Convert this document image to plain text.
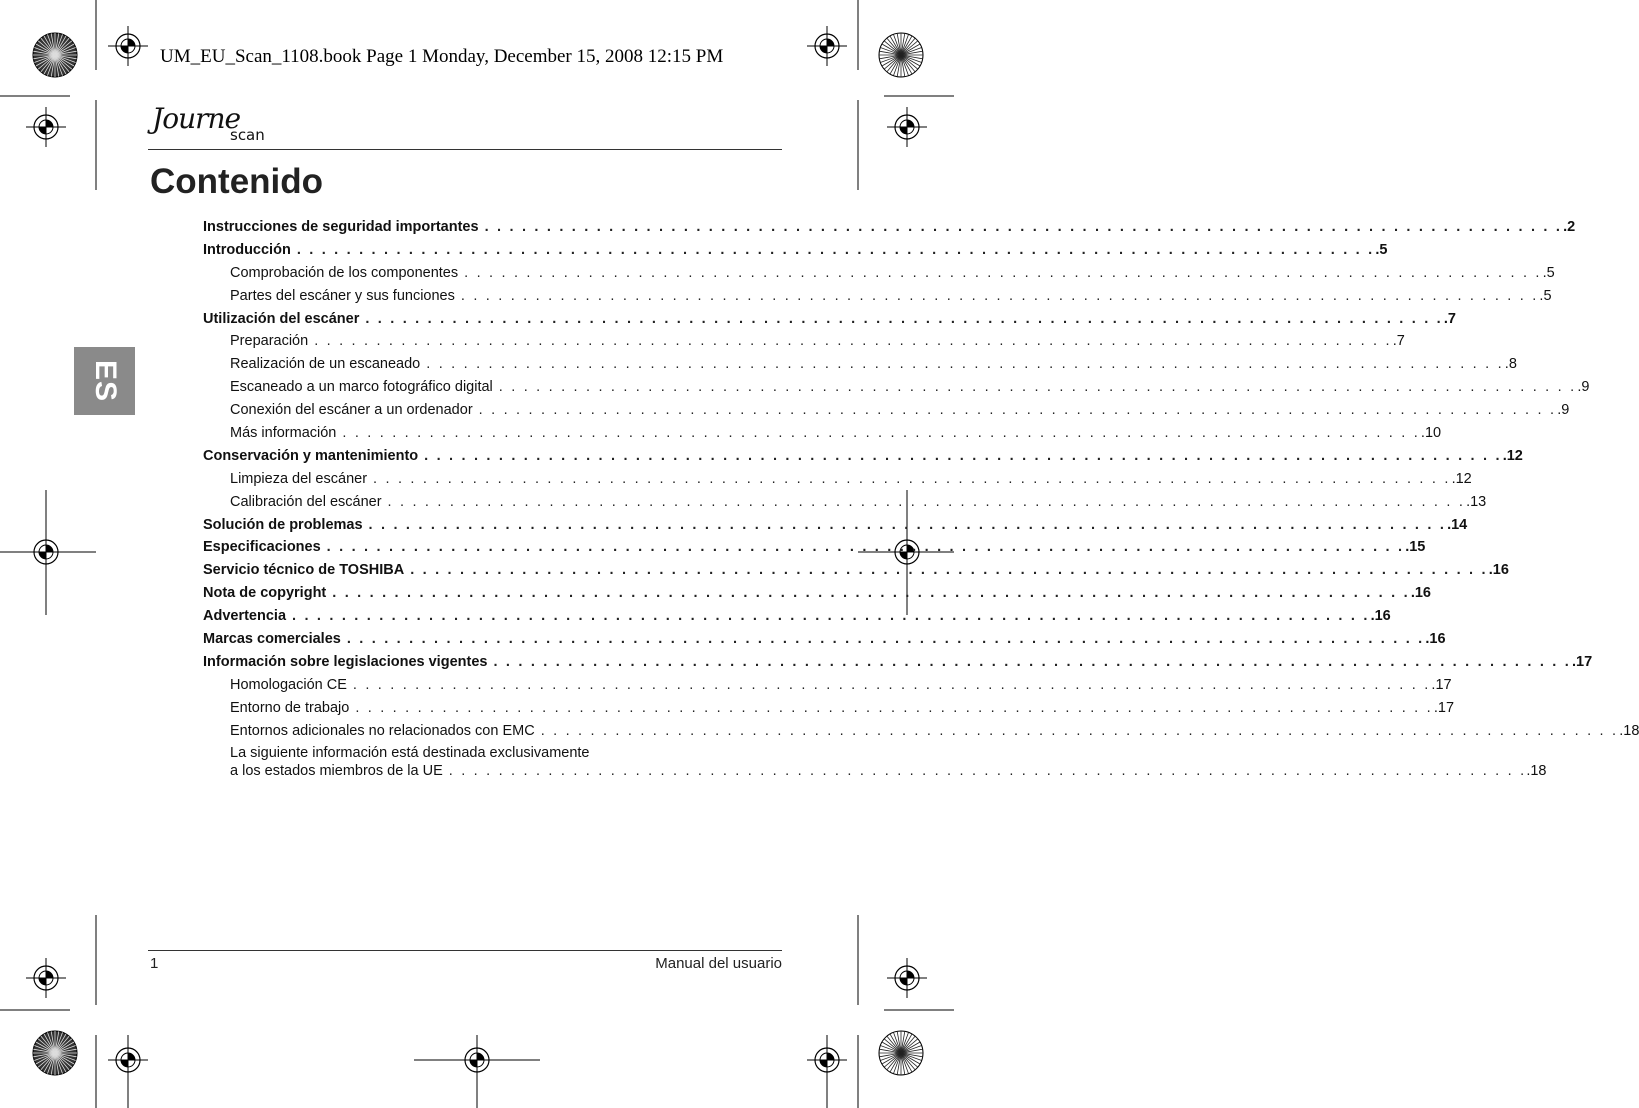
UM_EU_Scan_1108.book Page 1 Monday, December 15, 2008 12:15 PM
Journe
scan
Contenido
ES
Instrucciones de seguridad importantes . . . . . . . . . . . . . . . . . . . . . . . . . . . . . . . . . . . . . . . . . . . . . . . . . . . . . . . . . . . . . . . . . . . . . . . . . . . . . . . . . . . . . . . .2
Introducción . . . . . . . . . . . . . . . . . . . . . . . . . . . . . . . . . . . . . . . . . . . . . . . . . . . . . . . . . . . . . . . . . . . . . . . . . . . . . . . . . . . . . . . .5
Comprobación de los componentes . . . . . . . . . . . . . . . . . . . . . . . . . . . . . . . . . . . . . . . . . . . . . . . . . . . . . . . . . . . . . . . . . . . . . . . . . . . . . . . . . . . . . . . .5
Partes del escáner y sus funciones . . . . . . . . . . . . . . . . . . . . . . . . . . . . . . . . . . . . . . . . . . . . . . . . . . . . . . . . . . . . . . . . . . . . . . . . . . . . . . . . . . . . . . . .5
Utilización del escáner . . . . . . . . . . . . . . . . . . . . . . . . . . . . . . . . . . . . . . . . . . . . . . . . . . . . . . . . . . . . . . . . . . . . . . . . . . . . . . . . . . . . . . . .7
Preparación . . . . . . . . . . . . . . . . . . . . . . . . . . . . . . . . . . . . . . . . . . . . . . . . . . . . . . . . . . . . . . . . . . . . . . . . . . . . . . . . . . . . . . . .7
Realización de un escaneado . . . . . . . . . . . . . . . . . . . . . . . . . . . . . . . . . . . . . . . . . . . . . . . . . . . . . . . . . . . . . . . . . . . . . . . . . . . . . . . . . . . . . . . .8
Escaneado a un marco fotográfico digital . . . . . . . . . . . . . . . . . . . . . . . . . . . . . . . . . . . . . . . . . . . . . . . . . . . . . . . . . . . . . . . . . . . . . . . . . . . . . . . . . . . . . . . .9
Conexión del escáner a un ordenador . . . . . . . . . . . . . . . . . . . . . . . . . . . . . . . . . . . . . . . . . . . . . . . . . . . . . . . . . . . . . . . . . . . . . . . . . . . . . . . . . . . . . . . .9
Más información . . . . . . . . . . . . . . . . . . . . . . . . . . . . . . . . . . . . . . . . . . . . . . . . . . . . . . . . . . . . . . . . . . . . . . . . . . . . . . . . . . . . . . . .10
Conservación y mantenimiento . . . . . . . . . . . . . . . . . . . . . . . . . . . . . . . . . . . . . . . . . . . . . . . . . . . . . . . . . . . . . . . . . . . . . . . . . . . . . . . . . . . . . . . .12
Limpieza del escáner . . . . . . . . . . . . . . . . . . . . . . . . . . . . . . . . . . . . . . . . . . . . . . . . . . . . . . . . . . . . . . . . . . . . . . . . . . . . . . . . . . . . . . . .12
Calibración del escáner . . . . . . . . . . . . . . . . . . . . . . . . . . . . . . . . . . . . . . . . . . . . . . . . . . . . . . . . . . . . . . . . . . . . . . . . . . . . . . . . . . . . . . . .13
Solución de problemas . . . . . . . . . . . . . . . . . . . . . . . . . . . . . . . . . . . . . . . . . . . . . . . . . . . . . . . . . . . . . . . . . . . . . . . . . . . . . . . . . . . . . . . .14
Especificaciones . . . . . . . . . . . . . . . . . . . . . . . . . . . . . . . . . . . . . . . . . . . . . . . . . . . . . . . . . . . . . . . . . . . . . . . . . . . . . . . . . . . . . . . .15
Servicio técnico de TOSHIBA . . . . . . . . . . . . . . . . . . . . . . . . . . . . . . . . . . . . . . . . . . . . . . . . . . . . . . . . . . . . . . . . . . . . . . . . . . . . . . . . . . . . . . . .16
Nota de copyright . . . . . . . . . . . . . . . . . . . . . . . . . . . . . . . . . . . . . . . . . . . . . . . . . . . . . . . . . . . . . . . . . . . . . . . . . . . . . . . . . . . . . . . .16
Advertencia . . . . . . . . . . . . . . . . . . . . . . . . . . . . . . . . . . . . . . . . . . . . . . . . . . . . . . . . . . . . . . . . . . . . . . . . . . . . . . . . . . . . . . . .16
Marcas comerciales . . . . . . . . . . . . . . . . . . . . . . . . . . . . . . . . . . . . . . . . . . . . . . . . . . . . . . . . . . . . . . . . . . . . . . . . . . . . . . . . . . . . . . . .16
Información sobre legislaciones vigentes . . . . . . . . . . . . . . . . . . . . . . . . . . . . . . . . . . . . . . . . . . . . . . . . . . . . . . . . . . . . . . . . . . . . . . . . . . . . . . . . . . . . . . . .17
Homologación CE . . . . . . . . . . . . . . . . . . . . . . . . . . . . . . . . . . . . . . . . . . . . . . . . . . . . . . . . . . . . . . . . . . . . . . . . . . . . . . . . . . . . . . . .17
Entorno de trabajo . . . . . . . . . . . . . . . . . . . . . . . . . . . . . . . . . . . . . . . . . . . . . . . . . . . . . . . . . . . . . . . . . . . . . . . . . . . . . . . . . . . . . . . .17
Entornos adicionales no relacionados con EMC . . . . . . . . . . . . . . . . . . . . . . . . . . . . . . . . . . . . . . . . . . . . . . . . . . . . . . . . . . . . . . . . . . . . . . . . . . . . . . . . . . . . . . . .18
La siguiente información está destinada exclusivamente
a los estados miembros de la UE . . . . . . . . . . . . . . . . . . . . . . . . . . . . . . . . . . . . . . . . . . . . . . . . . . . . . . . . . . . . . . . . . . . . . . . . . . . . . . . . . . . . . . . .18
1	Manual del usuario
